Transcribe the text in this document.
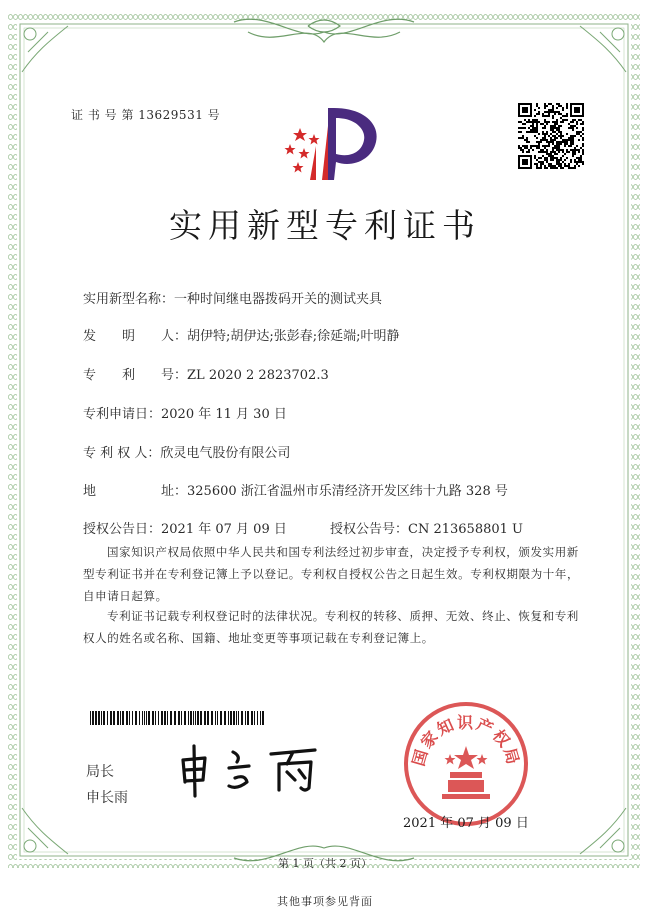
证 书 号 第 13629531 号
实用新型专利证书
实用新型名称：一种时间继电器拨码开关的测试夹具
发　　明　　人：胡伊特;胡伊达;张彭春;徐延端;叶明静
专　　利　　号：ZL 2020 2 2823702.3
专利申请日：2020 年 11 月 30 日
专 利 权 人：欣灵电气股份有限公司
地　　　　　址：325600 浙江省温州市乐清经济开发区纬十九路 328 号
授权公告日：2021 年 07 月 09 日	授权公告号：CN 213658801 U
国家知识产权局依照中华人民共和国专利法经过初步审查，决定授予专利权，颁发实用新型专利证书并在专利登记簿上予以登记。专利权自授权公告之日起生效。专利权期限为十年，自申请日起算。
专利证书记载专利权登记时的法律状况。专利权的转移、质押、无效、终止、恢复和专利权人的姓名或名称、国籍、地址变更等事项记载在专利登记簿上。
局长
申长雨
国家知识产权局
2021 年 07 月 09 日
第 1 页（共 2 页）
其他事项参见背面
